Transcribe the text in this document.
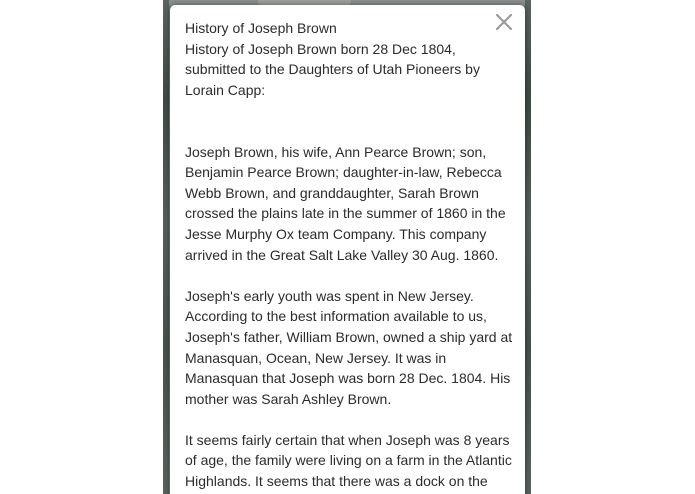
History of Joseph Brown
History of Joseph Brown born 28 Dec 1804,
submitted to the Daughters of Utah Pioneers by
Lorain Capp:
Joseph Brown, his wife, Ann Pearce Brown; son,
Benjamin Pearce Brown; daughter-in-law, Rebecca
Webb Brown, and granddaughter, Sarah Brown
crossed the plains late in the summer of 1860 in the
Jesse Murphy Ox team Company. This company
arrived in the Great Salt Lake Valley 30 Aug. 1860.
Joseph's early youth was spent in New Jersey.
According to the best information available to us,
Joseph's father, William Brown, owned a ship yard at
Manasquan, Ocean, New Jersey. It was in
Manasquan that Joseph was born 28 Dec. 1804. His
mother was Sarah Ashley Brown.
It seems fairly certain that when Joseph was 8 years
of age, the family were living on a farm in the Atlantic
Highlands. It seems that there was a dock on the
